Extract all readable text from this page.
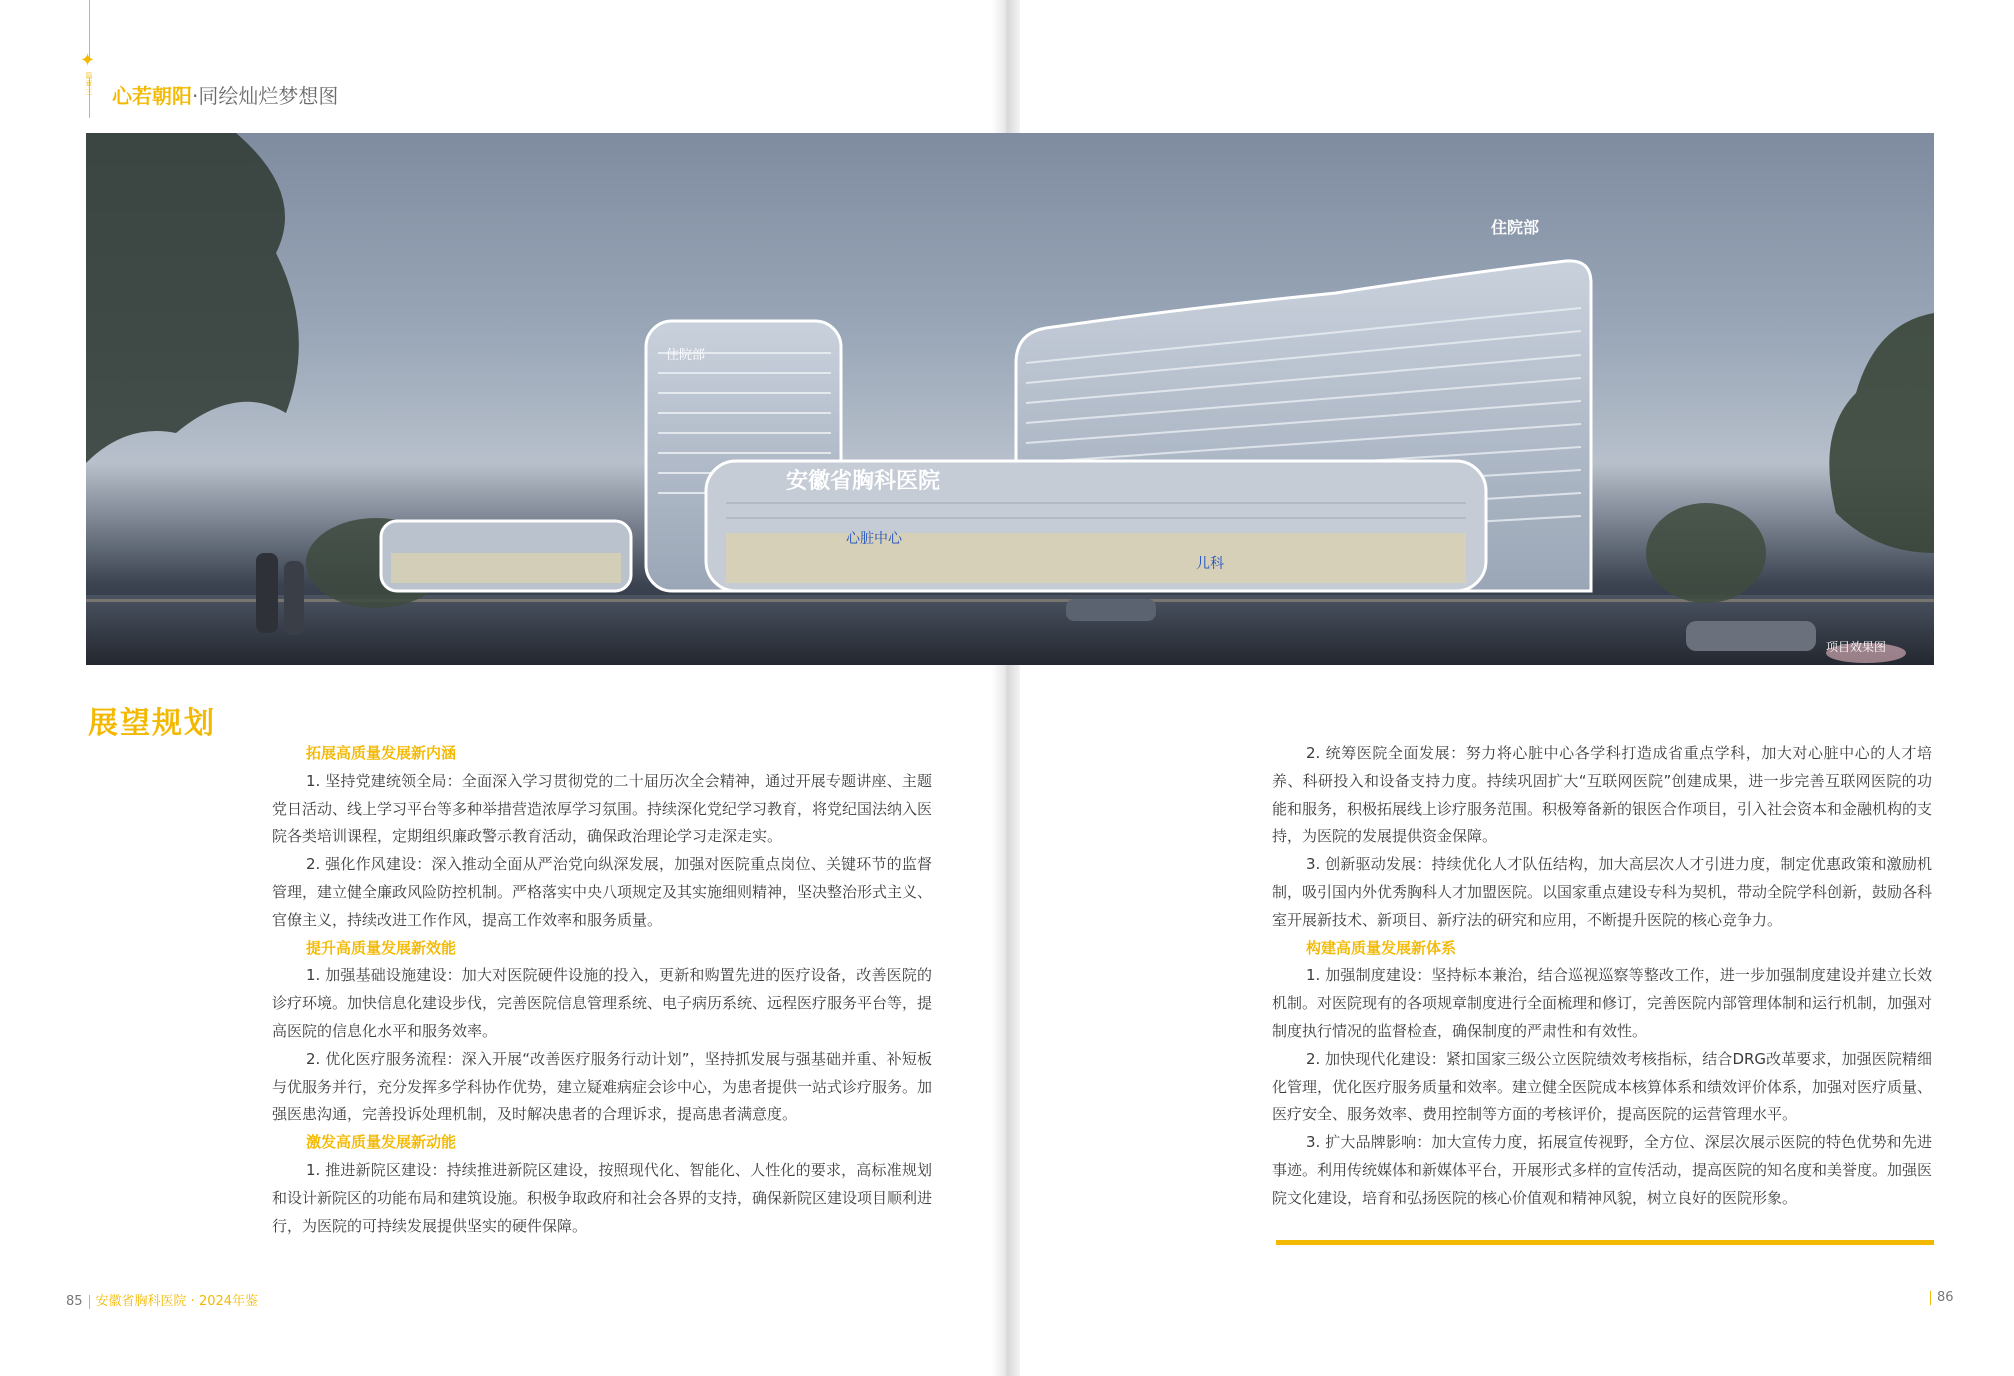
✦
篇章三 心若朝阳·同绘灿烂梦想图
住院部
住院部
安徽省胸科医院
心脏中心
儿科
项目效果图
展望规划
拓展高质量发展新内涵
1. 坚持党建统领全局：全面深入学习贯彻党的二十届历次全会精神，通过开展专题讲座、主题党日活动、线上学习平台等多种举措营造浓厚学习氛围。持续深化党纪学习教育，将党纪国法纳入医院各类培训课程，定期组织廉政警示教育活动，确保政治理论学习走深走实。
2. 强化作风建设：深入推动全面从严治党向纵深发展，加强对医院重点岗位、关键环节的监督管理，建立健全廉政风险防控机制。严格落实中央八项规定及其实施细则精神，坚决整治形式主义、官僚主义，持续改进工作作风，提高工作效率和服务质量。
提升高质量发展新效能
1. 加强基础设施建设：加大对医院硬件设施的投入，更新和购置先进的医疗设备，改善医院的诊疗环境。加快信息化建设步伐，完善医院信息管理系统、电子病历系统、远程医疗服务平台等，提高医院的信息化水平和服务效率。
2. 优化医疗服务流程：深入开展“改善医疗服务行动计划”，坚持抓发展与强基础并重、补短板与优服务并行，充分发挥多学科协作优势，建立疑难病症会诊中心，为患者提供一站式诊疗服务。加强医患沟通，完善投诉处理机制，及时解决患者的合理诉求，提高患者满意度。
激发高质量发展新动能
1. 推进新院区建设：持续推进新院区建设，按照现代化、智能化、人性化的要求，高标准规划和设计新院区的功能布局和建筑设施。积极争取政府和社会各界的支持，确保新院区建设项目顺利进行，为医院的可持续发展提供坚实的硬件保障。
2. 统筹医院全面发展：努力将心脏中心各学科打造成省重点学科，加大对心脏中心的人才培养、科研投入和设备支持力度。持续巩固扩大“互联网医院”创建成果，进一步完善互联网医院的功能和服务，积极拓展线上诊疗服务范围。积极筹备新的银医合作项目，引入社会资本和金融机构的支持，为医院的发展提供资金保障。
3. 创新驱动发展：持续优化人才队伍结构，加大高层次人才引进力度，制定优惠政策和激励机制，吸引国内外优秀胸科人才加盟医院。以国家重点建设专科为契机，带动全院学科创新，鼓励各科室开展新技术、新项目、新疗法的研究和应用，不断提升医院的核心竞争力。
构建高质量发展新体系
1. 加强制度建设：坚持标本兼治，结合巡视巡察等整改工作，进一步加强制度建设并建立长效机制。对医院现有的各项规章制度进行全面梳理和修订，完善医院内部管理体制和运行机制，加强对制度执行情况的监督检查，确保制度的严肃性和有效性。
2. 加快现代化建设：紧扣国家三级公立医院绩效考核指标，结合DRG改革要求，加强医院精细化管理，优化医疗服务质量和效率。建立健全医院成本核算体系和绩效评价体系，加强对医疗质量、医疗安全、服务效率、费用控制等方面的考核评价，提高医院的运营管理水平。
3. 扩大品牌影响：加大宣传力度，拓展宣传视野，全方位、深层次展示医院的特色优势和先进事迹。利用传统媒体和新媒体平台，开展形式多样的宣传活动，提高医院的知名度和美誉度。加强医院文化建设，培育和弘扬医院的核心价值观和精神风貌，树立良好的医院形象。
85 安徽省胸科医院 · 2024年鉴	86
